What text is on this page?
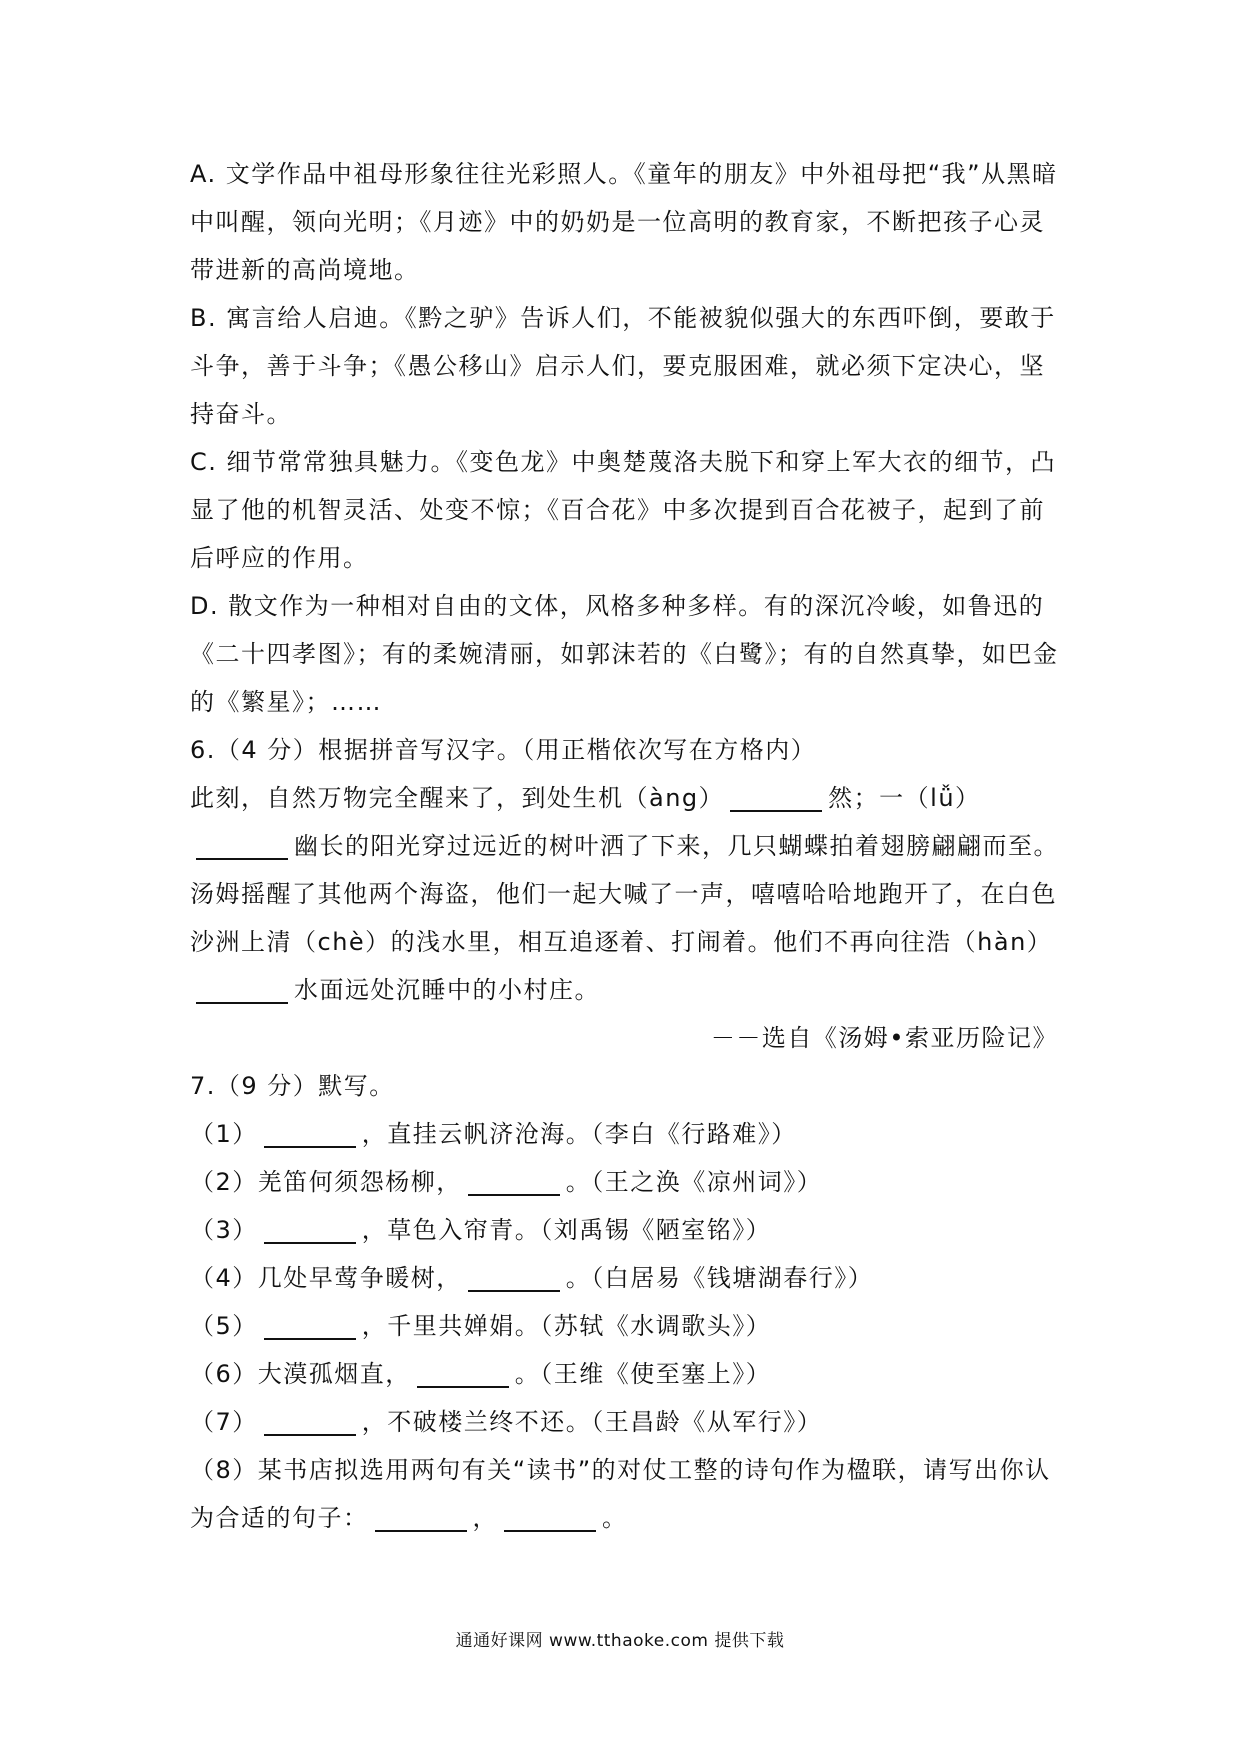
A. 文学作品中祖母形象往往光彩照人。《童年的朋友》中外祖母把“我”从黑暗中叫醒，领向光明；《月迹》中的奶奶是一位高明的教育家，不断把孩子心灵带进新的高尚境地。

B. 寓言给人启迪。《黔之驴》告诉人们，不能被貌似强大的东西吓倒，要敢于斗争，善于斗争；《愚公移山》启示人们，要克服困难，就必须下定决心，坚持奋斗。

C. 细节常常独具魅力。《变色龙》中奥楚蔑洛夫脱下和穿上军大衣的细节，凸显了他的机智灵活、处变不惊；《百合花》中多次提到百合花被子，起到了前后呼应的作用。

D. 散文作为一种相对自由的文体，风格多种多样。有的深沉冷峻，如鲁迅的《二十四孝图》；有的柔婉清丽，如郭沫若的《白鹭》；有的自然真挚，如巴金的《繁星》；……

6.（4 分）根据拼音写汉字。（用正楷依次写在方格内）

此刻，自然万物完全醒来了，到处生机（àng）	然；一（lǚ）幽长的阳光穿过远近的树叶洒了下来，几只蝴蝶拍着翅膀翩翩而至。汤姆摇醒了其他两个海盗，他们一起大喊了一声，嘻嘻哈哈地跑开了，在白色沙洲上清（chè）的浅水里，相互追逐着、打闹着。他们不再向往浩（hàn）水面远处沉睡中的小村庄。

－－选自《汤姆•索亚历险记》

7.（9 分）默写。

（1）	，直挂云帆济沧海。（李白《行路难》）

（2）羌笛何须怨杨柳，	。（王之涣《凉州词》）

（3）	，草色入帘青。（刘禹锡《陋室铭》）

（4）几处早莺争暖树，	。（白居易《钱塘湖春行》）

（5）	，千里共婵娟。（苏轼《水调歌头》）

（6）大漠孤烟直，	。（王维《使至塞上》）

（7）	，不破楼兰终不还。（王昌龄《从军行》）

（8）某书店拟选用两句有关“读书”的对仗工整的诗句作为楹联，请写出你认为合适的句子：	，	。

通通好课网 www.tthaoke.com 提供下载
